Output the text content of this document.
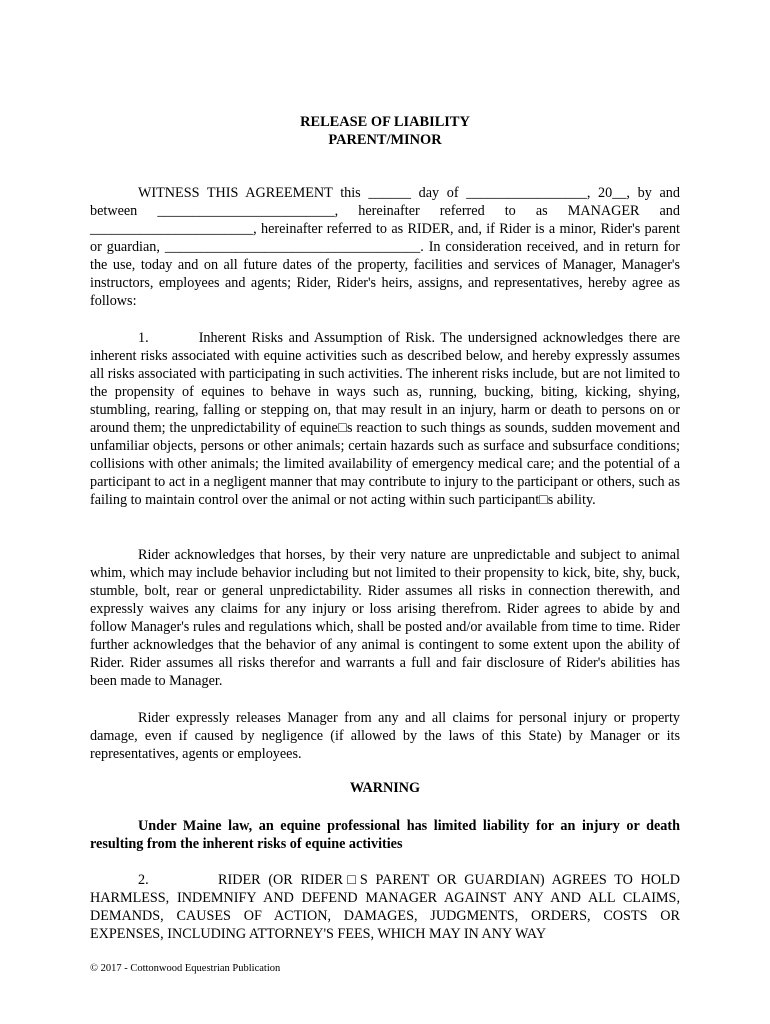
RELEASE OF LIABILITY
PARENT/MINOR
WITNESS THIS AGREEMENT this ______ day of _________________, 20__, by and between _________________________, hereinafter referred to as MANAGER and _______________________, hereinafter referred to as RIDER, and, if Rider is a minor, Rider's parent or guardian, ____________________________________. In consideration received, and in return for the use, today and on all future dates of the property, facilities and services of Manager, Manager's instructors, employees and agents; Rider, Rider's heirs, assigns, and representatives, hereby agree as follows:
1.         Inherent Risks and Assumption of Risk. The undersigned acknowledges there are inherent risks associated with equine activities such as described below, and hereby expressly assumes all risks associated with participating in such activities. The inherent risks include, but are not limited to the propensity of equines to behave in ways such as, running, bucking, biting, kicking, shying, stumbling, rearing, falling or stepping on, that may result in an injury, harm or death to persons on or around them; the unpredictability of equine□s reaction to such things as sounds, sudden movement and unfamiliar objects, persons or other animals; certain hazards such as surface and subsurface conditions; collisions with other animals; the limited availability of emergency medical care; and the potential of a participant to act in a negligent manner that may contribute to injury to the participant or others, such as failing to maintain control over the animal or not acting within such participant□s ability.
Rider acknowledges that horses, by their very nature are unpredictable and subject to animal whim, which may include behavior including but not limited to their propensity to kick, bite, shy, buck, stumble, bolt, rear or general unpredictability. Rider assumes all risks in connection therewith, and expressly waives any claims for any injury or loss arising therefrom. Rider agrees to abide by and follow Manager's rules and regulations which, shall be posted and/or available from time to time. Rider further acknowledges that the behavior of any animal is contingent to some extent upon the ability of Rider. Rider assumes all risks therefor and warrants a full and fair disclosure of Rider's abilities has been made to Manager.
Rider expressly releases Manager from any and all claims for personal injury or property damage, even if caused by negligence (if allowed by the laws of this State) by Manager or its representatives, agents or employees.
WARNING
Under Maine law, an equine professional has limited liability for an injury or death resulting from the inherent risks of equine activities
2.         RIDER (OR RIDER□S PARENT OR GUARDIAN) AGREES TO HOLD HARMLESS, INDEMNIFY AND DEFEND MANAGER AGAINST ANY AND ALL CLAIMS, DEMANDS, CAUSES OF ACTION, DAMAGES, JUDGMENTS, ORDERS, COSTS OR EXPENSES, INCLUDING ATTORNEY'S FEES, WHICH MAY IN ANY WAY
© 2017 - Cottonwood Equestrian Publication
